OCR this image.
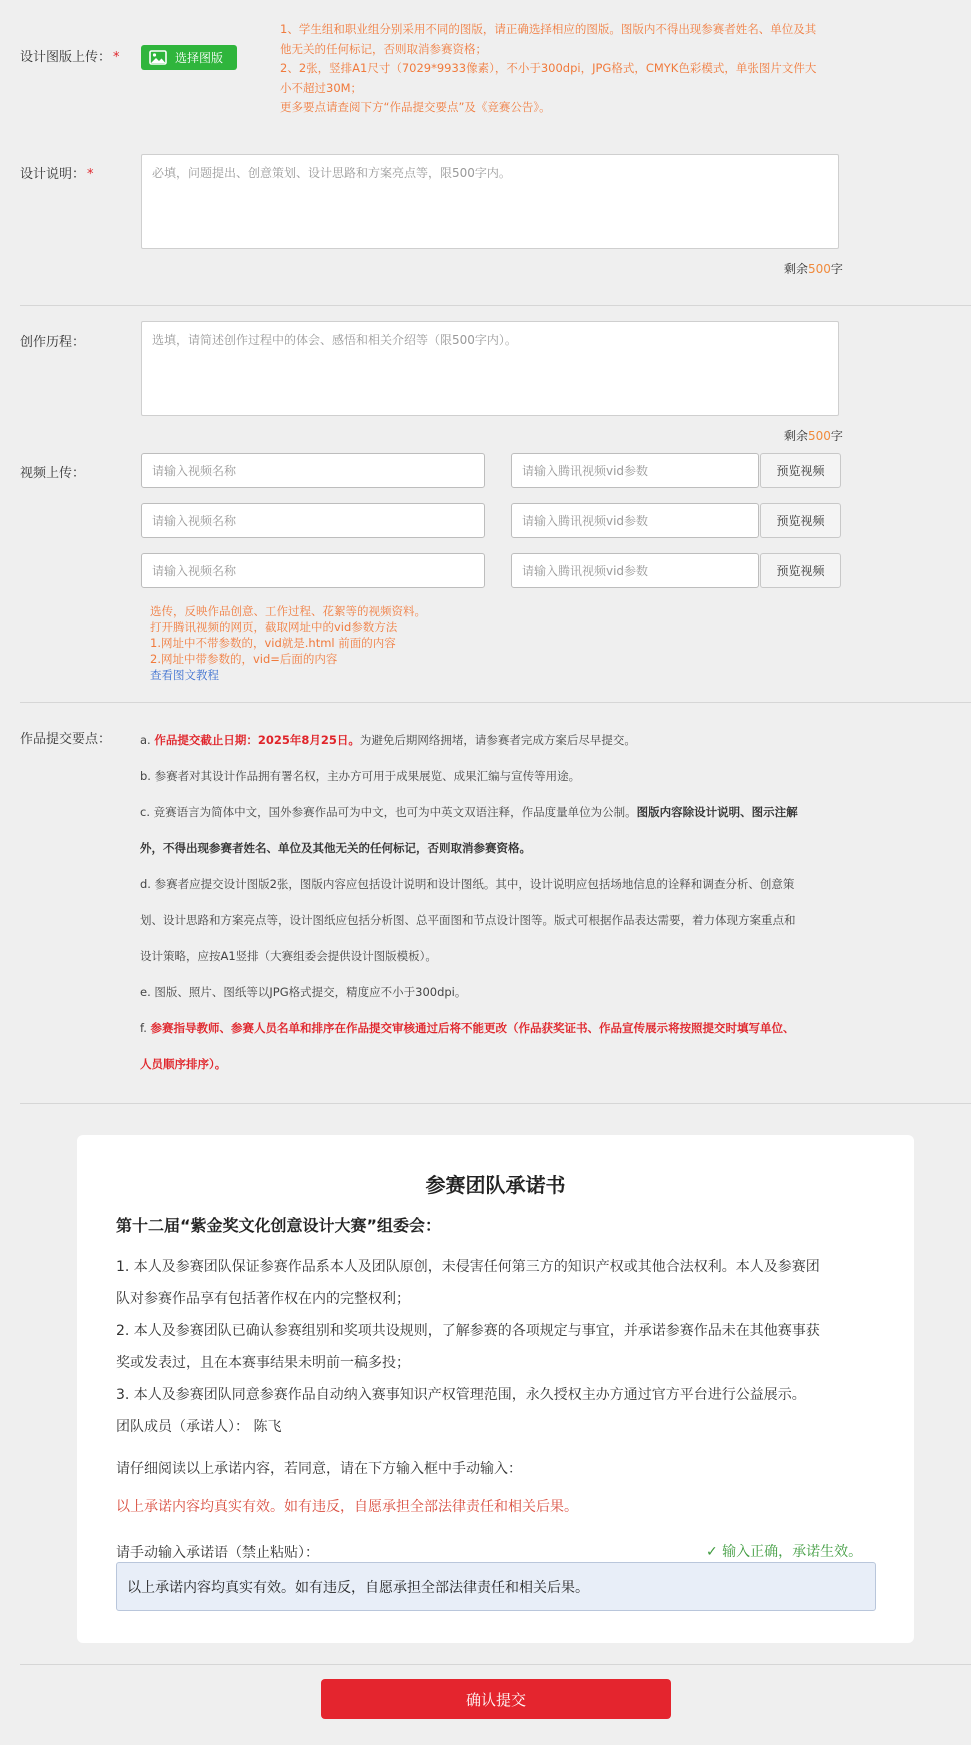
设计图版上传： *	选择图版
1、学生组和职业组分别采用不同的图版，请正确选择相应的图版。图版内不得出现参赛者姓名、单位及其
他无关的任何标记，否则取消参赛资格；
2、2张，竖排A1尺寸（7029*9933像素），不小于300dpi，JPG格式，CMYK色彩模式，单张图片文件大
小不超过30M；
更多要点请查阅下方“作品提交要点”及《竞赛公告》。
设计说明： *	必填，问题提出、创意策划、设计思路和方案亮点等，限500字内。
剩余500字
创作历程：	选填，请简述创作过程中的体会、感悟和相关介绍等（限500字内）。
剩余500字
视频上传：	请输入视频名称	请输入腾讯视频vid参数	预览视频
请输入视频名称	请输入腾讯视频vid参数	预览视频
请输入视频名称	请输入腾讯视频vid参数	预览视频
选传，反映作品创意、工作过程、花絮等的视频资料。
打开腾讯视频的网页，截取网址中的vid参数方法
1.网址中不带参数的，vid就是.html 前面的内容
2.网址中带参数的，vid=后面的内容
查看图文教程
作品提交要点：	a. 作品提交截止日期：2025年8月25日。为避免后期网络拥堵，请参赛者完成方案后尽早提交。

b. 参赛者对其设计作品拥有署名权，主办方可用于成果展览、成果汇编与宣传等用途。

c. 竞赛语言为简体中文，国外参赛作品可为中文，也可为中英文双语注释，作品度量单位为公制。图版内容除设计说明、图示注解

外，不得出现参赛者姓名、单位及其他无关的任何标记，否则取消参赛资格。

d. 参赛者应提交设计图版2张，图版内容应包括设计说明和设计图纸。其中，设计说明应包括场地信息的诠释和调查分析、创意策

划、设计思路和方案亮点等，设计图纸应包括分析图、总平面图和节点设计图等。版式可根据作品表达需要，着力体现方案重点和

设计策略，应按A1竖排（大赛组委会提供设计图版模板）。

e. 图版、照片、图纸等以JPG格式提交，精度应不小于300dpi。

f. 参赛指导教师、参赛人员名单和排序在作品提交审核通过后将不能更改（作品获奖证书、作品宣传展示将按照提交时填写单位、

人员顺序排序）。

参赛团队承诺书
第十二届“紫金奖文化创意设计大赛”组委会：
1. 本人及参赛团队保证参赛作品系本人及团队原创，未侵害任何第三方的知识产权或其他合法权利。本人及参赛团
队对参赛作品享有包括著作权在内的完整权利；
2. 本人及参赛团队已确认参赛组别和奖项共设规则，了解参赛的各项规定与事宜，并承诺参赛作品未在其他赛事获
奖或发表过，且在本赛事结果未明前一稿多投；
3. 本人及参赛团队同意参赛作品自动纳入赛事知识产权管理范围，永久授权主办方通过官方平台进行公益展示。
团队成员（承诺人）： 陈飞
请仔细阅读以上承诺内容，若同意，请在下方输入框中手动输入：
以上承诺内容均真实有效。如有违反，自愿承担全部法律责任和相关后果。
请手动输入承诺语（禁止粘贴）：	✓ 输入正确，承诺生效。
以上承诺内容均真实有效。如有违反，自愿承担全部法律责任和相关后果。
确认提交
